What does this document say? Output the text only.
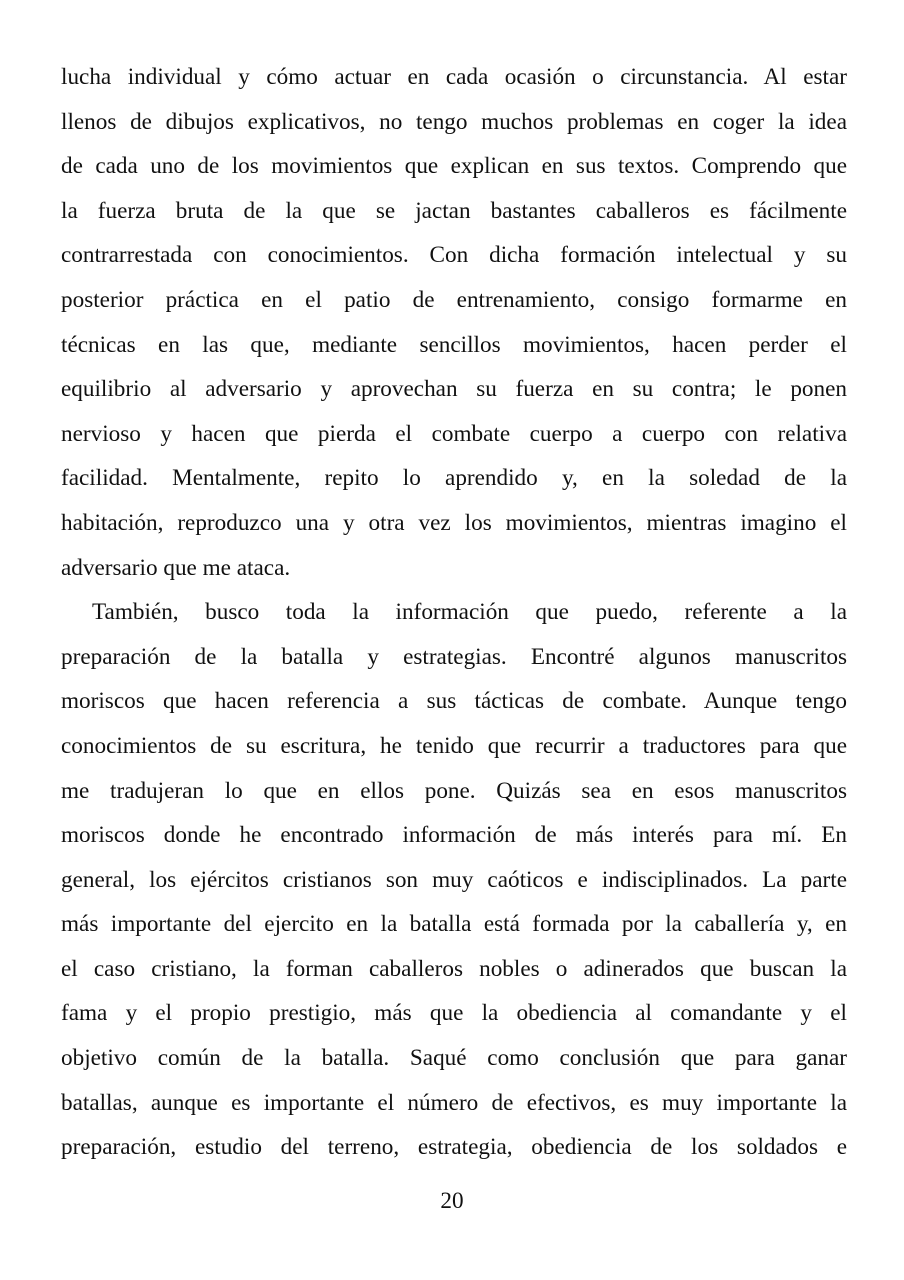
lucha individual y cómo actuar en cada ocasión o circunstancia. Al estar
llenos de dibujos explicativos, no tengo muchos problemas en coger la idea
de cada uno de los movimientos que explican en sus textos. Comprendo que
la fuerza bruta de la que se jactan bastantes caballeros es fácilmente
contrarrestada con conocimientos. Con dicha formación intelectual y su
posterior práctica en el patio de entrenamiento, consigo formarme en
técnicas en las que, mediante sencillos movimientos, hacen perder el
equilibrio al adversario y aprovechan su fuerza en su contra; le ponen
nervioso y hacen que pierda el combate cuerpo a cuerpo con relativa
facilidad. Mentalmente, repito lo aprendido y, en la soledad de la
habitación, reproduzco una y otra vez los movimientos, mientras imagino el
adversario que me ataca.
También, busco toda la información que puedo, referente a la
preparación de la batalla y estrategias. Encontré algunos manuscritos
moriscos que hacen referencia a sus tácticas de combate. Aunque tengo
conocimientos de su escritura, he tenido que recurrir a traductores para que
me tradujeran lo que en ellos pone. Quizás sea en esos manuscritos
moriscos donde he encontrado información de más interés para mí. En
general, los ejércitos cristianos son muy caóticos e indisciplinados. La parte
más importante del ejercito en la batalla está formada por la caballería y, en
el caso cristiano, la forman caballeros nobles o adinerados que buscan la
fama y el propio prestigio, más que la obediencia al comandante y el
objetivo común de la batalla. Saqué como conclusión que para ganar
batallas, aunque es importante el número de efectivos, es muy importante la
preparación, estudio del terreno, estrategia, obediencia de los soldados e
20
